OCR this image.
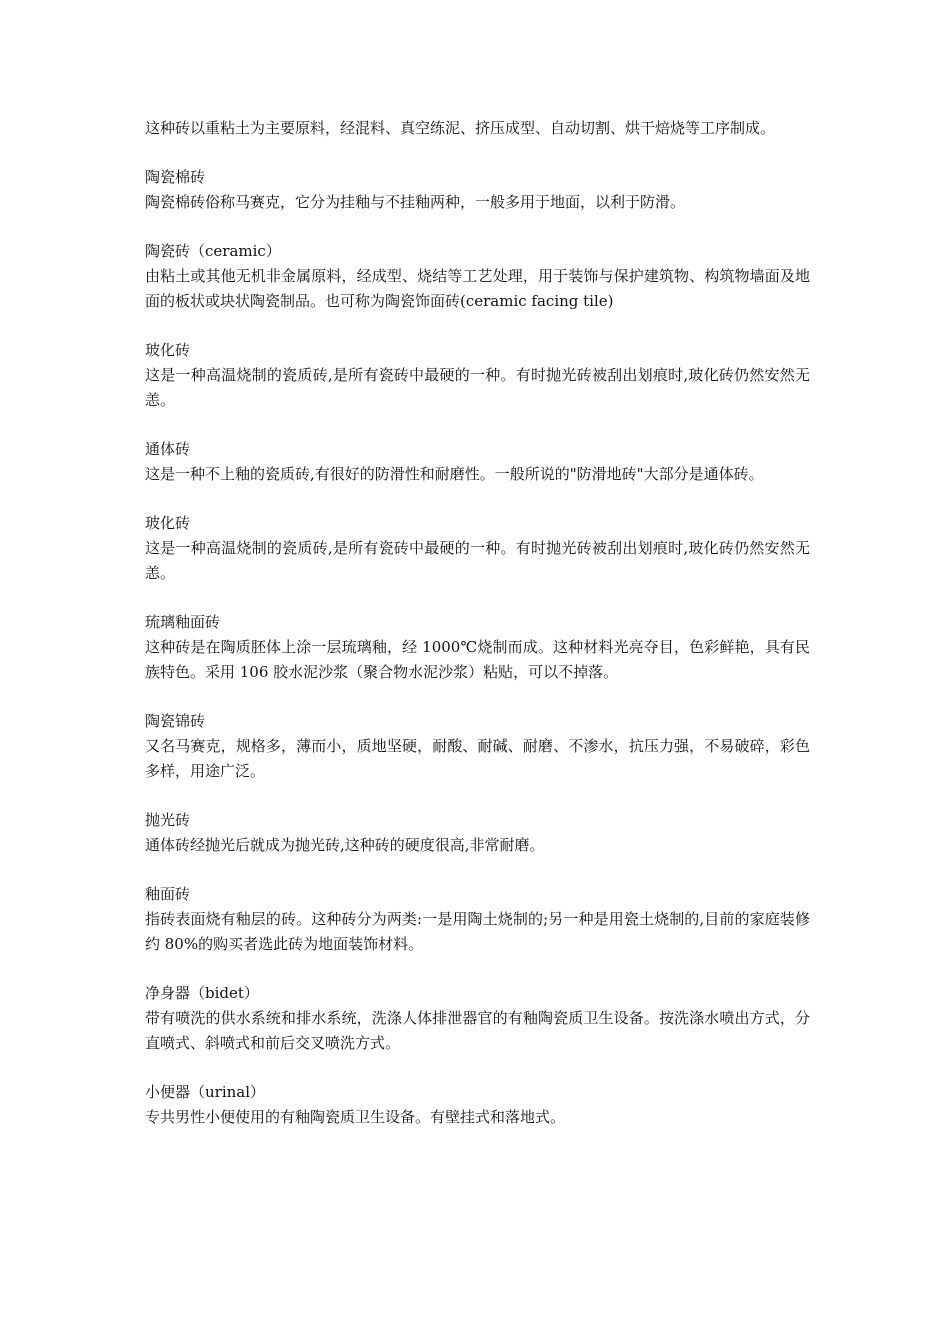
这种砖以重粘土为主要原料，经混料、真空练泥、挤压成型、自动切割、烘干焙烧等工序制成。

陶瓷棉砖

陶瓷棉砖俗称马赛克，它分为挂釉与不挂釉两种，一般多用于地面，以利于防滑。

陶瓷砖（ceramic）

由粘土或其他无机非金属原料，经成型、烧结等工艺处理，用于装饰与保护建筑物、构筑物墙面及地面的板状或块状陶瓷制品。也可称为陶瓷饰面砖(ceramic facing tile)

玻化砖

这是一种高温烧制的瓷质砖,是所有瓷砖中最硬的一种。有时抛光砖被刮出划痕时,玻化砖仍然安然无恙。

通体砖

这是一种不上釉的瓷质砖,有很好的防滑性和耐磨性。一般所说的"防滑地砖"大部分是通体砖。

玻化砖

这是一种高温烧制的瓷质砖,是所有瓷砖中最硬的一种。有时抛光砖被刮出划痕时,玻化砖仍然安然无恙。

琉璃釉面砖

这种砖是在陶质胚体上涂一层琉璃釉，经 1000℃烧制而成。这种材料光亮夺目，色彩鲜艳，具有民族特色。采用 106 胶水泥沙浆（聚合物水泥沙浆）粘贴，可以不掉落。

陶瓷锦砖

又名马赛克，规格多，薄而小，质地坚硬，耐酸、耐碱、耐磨、不渗水，抗压力强，不易破碎，彩色多样，用途广泛。

抛光砖

通体砖经抛光后就成为抛光砖,这种砖的硬度很高,非常耐磨。

釉面砖

指砖表面烧有釉层的砖。这种砖分为两类:一是用陶土烧制的;另一种是用瓷土烧制的,目前的家庭装修约 80%的购买者选此砖为地面装饰材料。

净身器（bidet）

带有喷洗的供水系统和排水系统，洗涤人体排泄器官的有釉陶瓷质卫生设备。按洗涤水喷出方式，分直喷式、斜喷式和前后交叉喷洗方式。

小便器（urinal）

专共男性小便使用的有釉陶瓷质卫生设备。有壁挂式和落地式。
